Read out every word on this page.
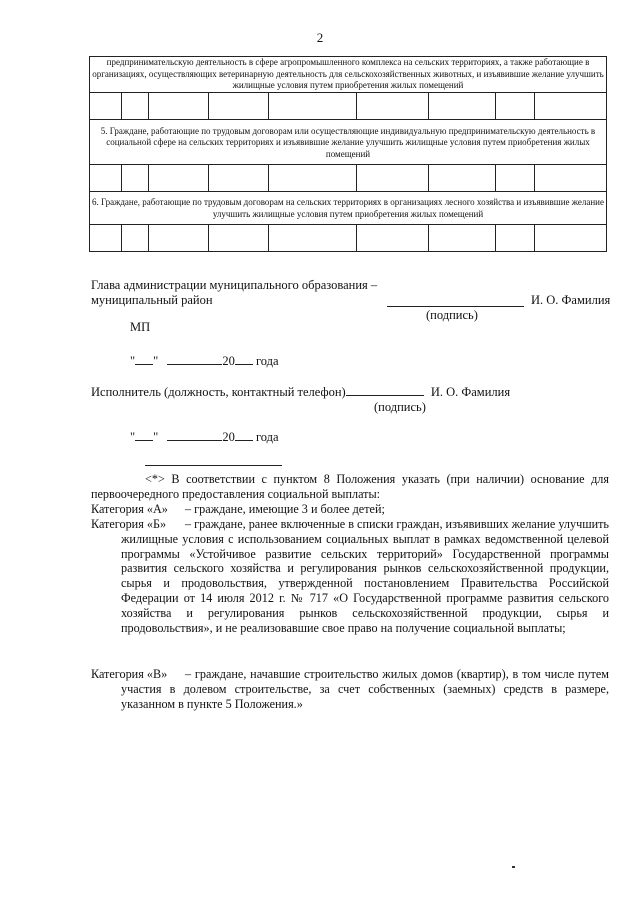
2

предпринимательскую деятельность в сфере агропромышленного комплекса на сельских территориях, а также работающие в организациях, осуществляющих ветеринарную деятельность для сельскохозяйственных животных, и изъявившие желание улучшить жилищные условия путем приобретения жилых помещений								

5. Граждане, работающие по трудовым договорам или осуществляющие индивидуальную предпринимательскую деятельность в социальной сфере на сельских территориях и изъявившие желание улучшить жилищные условия путем приобретения жилых помещений								

6. Граждане, работающие по трудовым договорам на сельских территориях в организациях лесного хозяйства и изъявившие желание улучшить жилищные условия путем приобретения жилых помещений								

Глава администрации муниципального образования –
муниципальный район	И. О. Фамилия
(подпись)
МП
" "	20 года
Исполнитель (должность, контактный телефон)	И. О. Фамилия
(подпись)
" "	20 года
<*> В соответствии с пунктом 8 Положения указать (при наличии) основание для первоочередного предоставления социальной выплаты:
Категория «А» – граждане, имеющие 3 и более детей;
Категория «Б»	– граждане, ранее включенные в списки граждан, изъявивших желание улучшить жилищные условия с использованием социальных выплат в рамках ведомственной целевой программы «Устойчивое развитие сельских территорий» Государственной программы развития сельского хозяйства и регулирования рынков сельскохозяйственной продукции, сырья и продовольствия, утвержденной постановлением Правительства Российской Федерации от 14 июля 2012 г. № 717 «О Государственной программе развития сельского хозяйства и регулирования рынков сельскохозяйственной продукции, сырья и продовольствия», и не реализовавшие свое право на получение социальной выплаты;
Категория «В»	– граждане, начавшие строительство жилых домов (квартир), в том числе путем участия в долевом строительстве, за счет собственных (заемных) средств в размере, указанном в пункте 5 Положения.»
